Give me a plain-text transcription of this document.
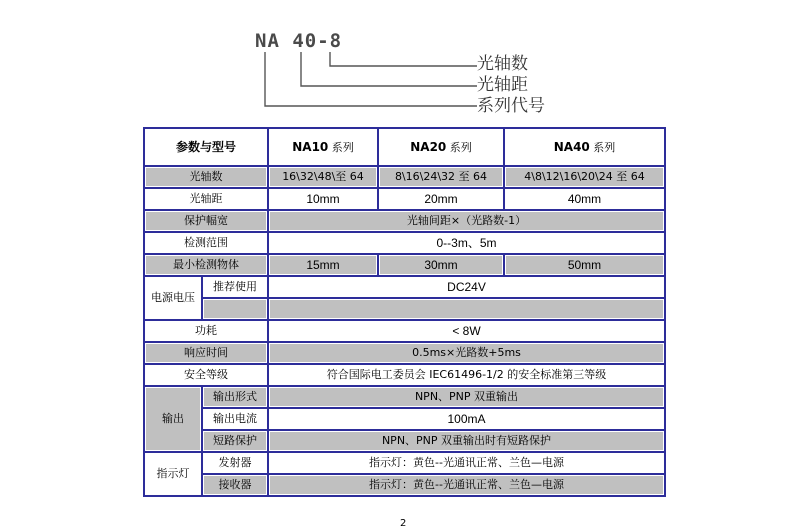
NA 40-8
光轴数
光轴距
系列代号
参数与型号		NA10 系列	NA20 系列	NA40 系列
光轴数		16\32\48\至 64	8\16\24\32 至 64	4\8\12\16\20\24 至 64
光轴距		10mm	20mm	40mm
保护幅宽		光轴间距×（光路数-1）		
检测范围		0--3m、5m		
最小检测物体		15mm	30mm	50mm
电源电压	推荐使用	DC24V		

功耗		< 8W		
响应时间		0.5ms×光路数+5ms		
安全等级		符合国际电工委员会 IEC61496-1/2 的安全标准第三等级		
输出	输出形式	NPN、PNP 双重输出		
	输出电流	100mA		
	短路保护	NPN、PNP 双重输出时有短路保护		
指示灯	发射器	指示灯：黄色--光通讯正常、兰色—电源		
	接收器	指示灯：黄色--光通讯正常、兰色—电源		
2
